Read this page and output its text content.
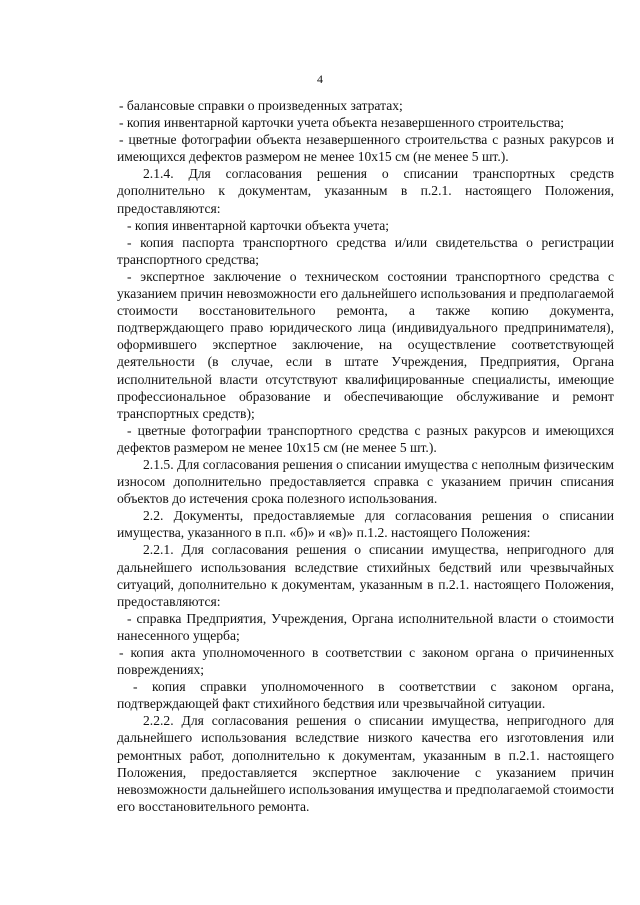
4

- балансовые справки о произведенных затратах;

- копия инвентарной карточки учета объекта незавершенного строительства;

- цветные фотографии объекта незавершенного строительства с разных ракурсов и имеющихся дефектов размером не менее 10x15 см (не менее 5 шт.).

2.1.4. Для согласования решения о списании транспортных средств дополнительно к документам, указанным в п.2.1. настоящего Положения, предоставляются:

- копия инвентарной карточки объекта учета;

- копия паспорта транспортного средства и/или свидетельства о регистрации транспортного средства;

- экспертное заключение о техническом состоянии транспортного средства с указанием причин невозможности его дальнейшего использования и предполагаемой стоимости восстановительного ремонта, а также копию документа, подтверждающего право юридического лица (индивидуального предпринимателя), оформившего экспертное заключение, на осуществление соответствующей деятельности (в случае, если в штате Учреждения, Предприятия, Органа исполнительной власти отсутствуют квалифицированные специалисты, имеющие профессиональное образование и обеспечивающие обслуживание и ремонт транспортных средств);

- цветные фотографии транспортного средства с разных ракурсов и имеющихся дефектов размером не менее 10x15 см (не менее 5 шт.).

2.1.5. Для согласования решения о списании имущества с неполным физическим износом дополнительно предоставляется справка с указанием причин списания объектов до истечения срока полезного использования.

2.2. Документы, предоставляемые для согласования решения о списании имущества, указанного в п.п. «б)» и «в)» п.1.2. настоящего Положения:

2.2.1. Для согласования решения о списании имущества, непригодного для дальнейшего использования вследствие стихийных бедствий или чрезвычайных ситуаций, дополнительно к документам, указанным в п.2.1. настоящего Положения, предоставляются:

- справка Предприятия, Учреждения, Органа исполнительной власти о стоимости нанесенного ущерба;

- копия акта уполномоченного в соответствии с законом органа о причиненных повреждениях;

- копия справки уполномоченного в соответствии с законом органа, подтверждающей факт стихийного бедствия или чрезвычайной ситуации.

2.2.2. Для согласования решения о списании имущества, непригодного для дальнейшего использования вследствие низкого качества его изготовления или ремонтных работ, дополнительно к документам, указанным в п.2.1. настоящего Положения, предоставляется экспертное заключение с указанием причин невозможности дальнейшего использования имущества и предполагаемой стоимости его восстановительного ремонта.
